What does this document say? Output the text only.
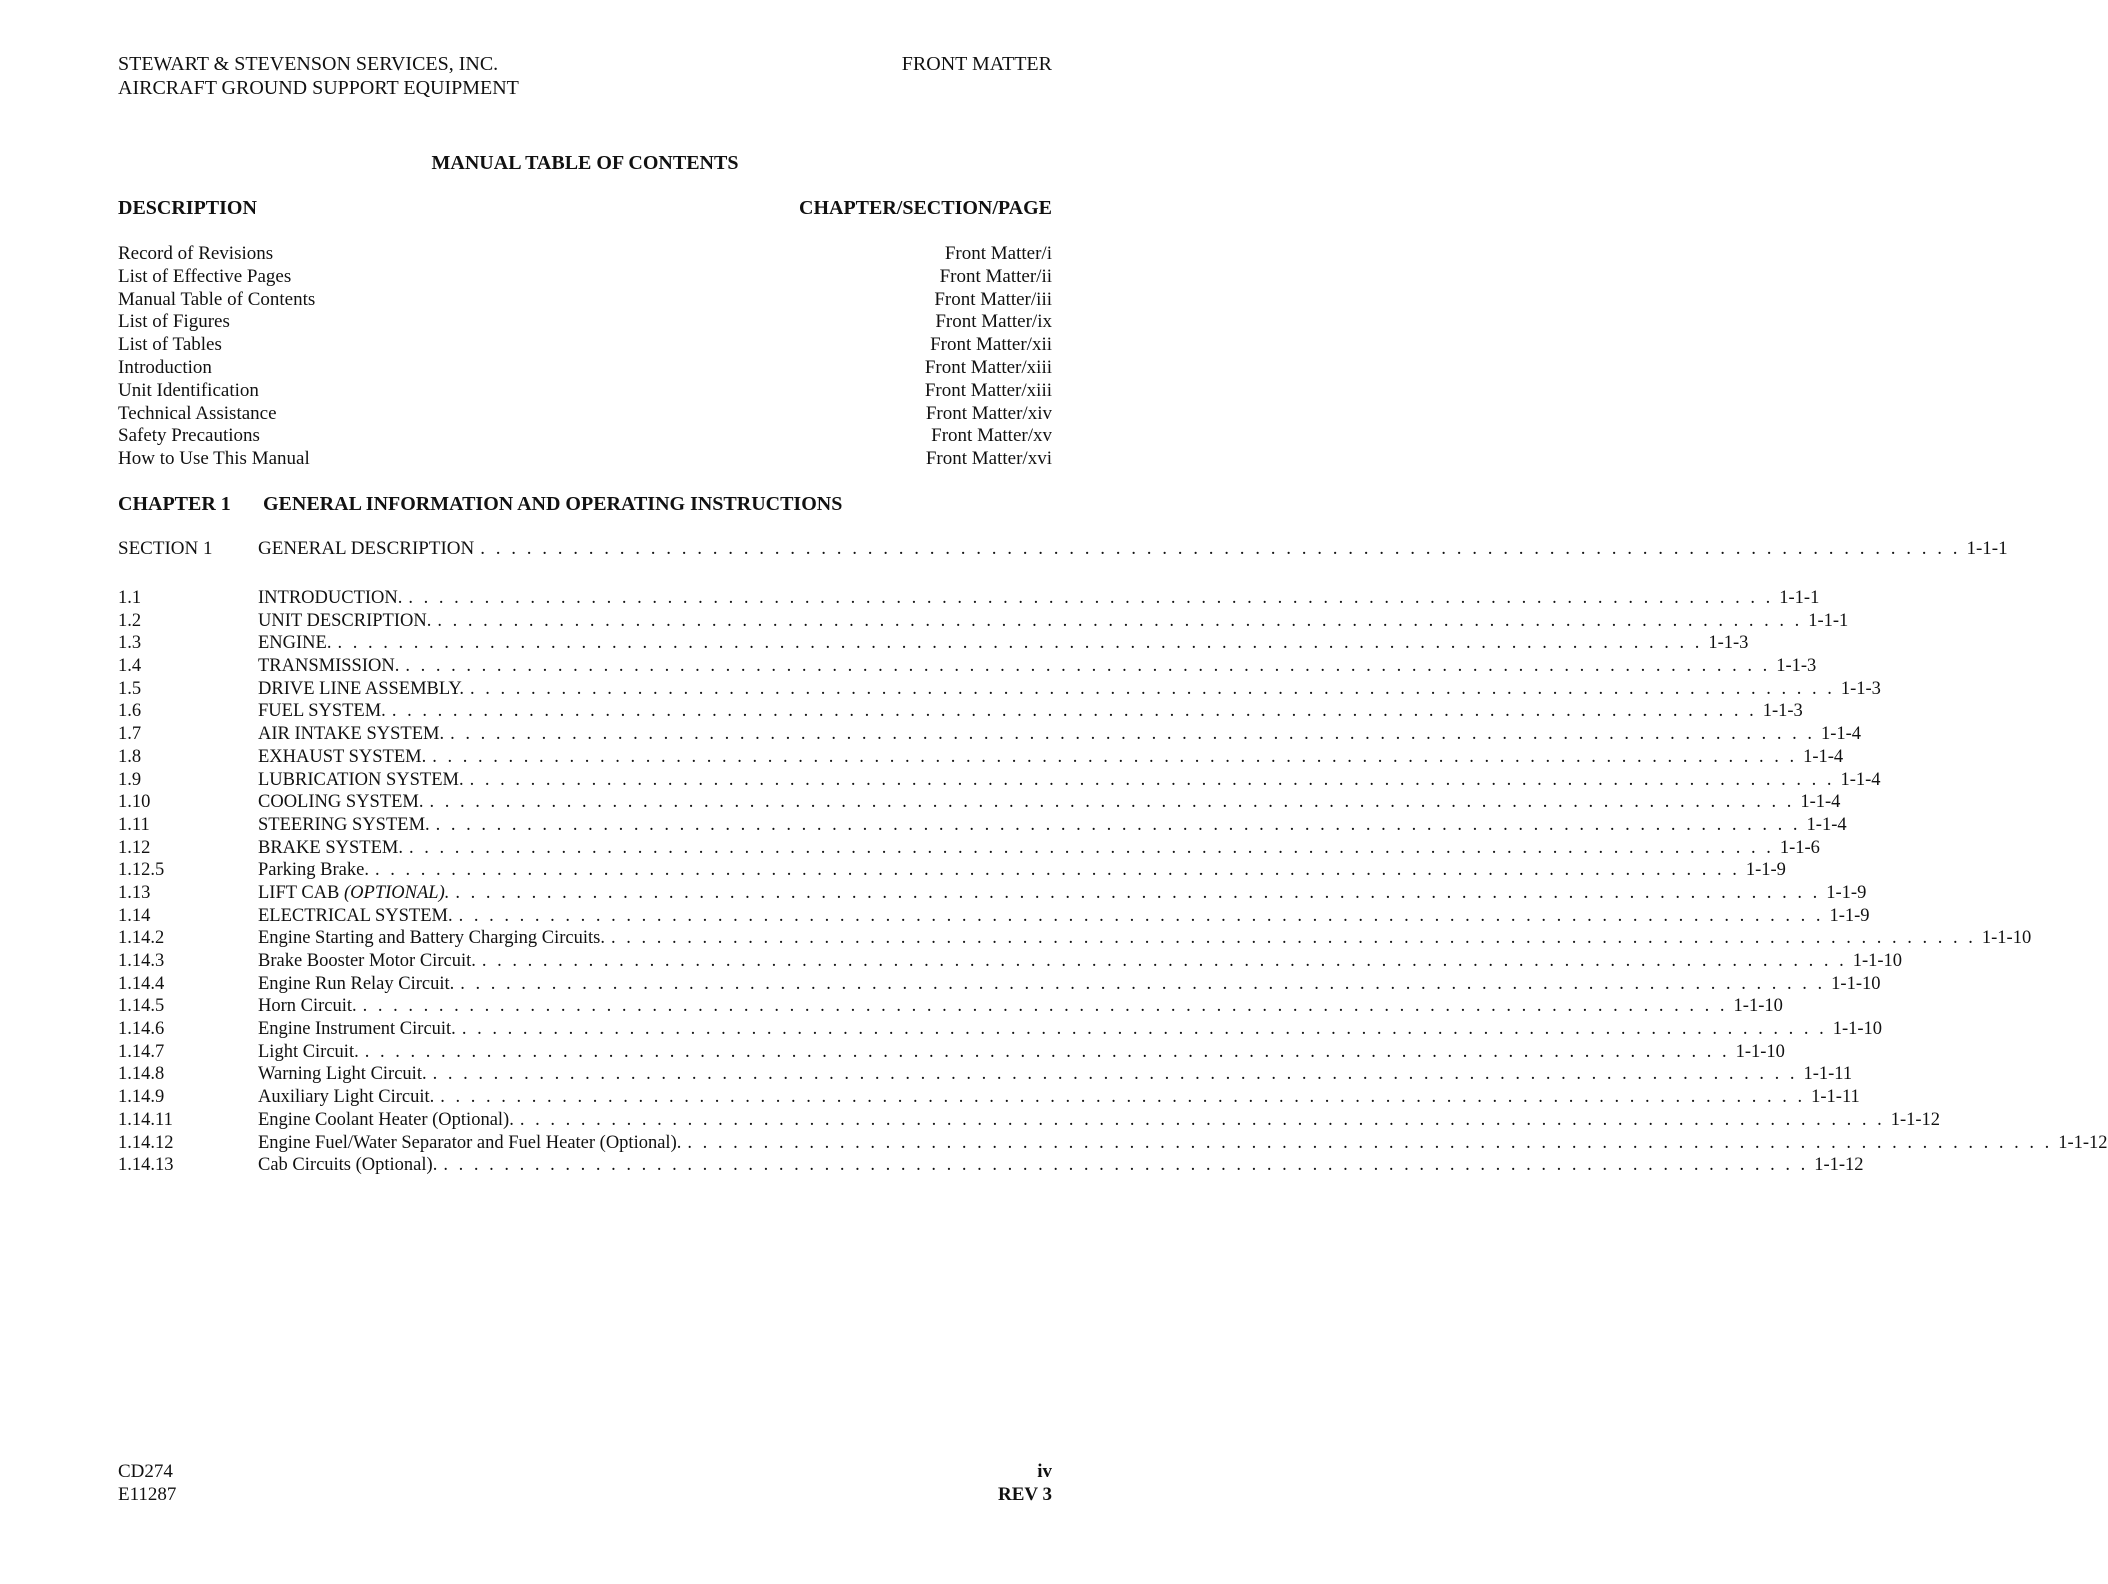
STEWART & STEVENSON SERVICES, INC.
AIRCRAFT GROUND SUPPORT EQUIPMENT
FRONT MATTER
MANUAL TABLE OF CONTENTS
DESCRIPTION	CHAPTER/SECTION/PAGE
Record of Revisions	Front Matter/i
List of Effective Pages	Front Matter/ii
Manual Table of Contents	Front Matter/iii
List of Figures	Front Matter/ix
List of Tables	Front Matter/xii
Introduction	Front Matter/xiii
Unit Identification	Front Matter/xiii
Technical Assistance	Front Matter/xiv
Safety Precautions	Front Matter/xv
How to Use This Manual	Front Matter/xvi
CHAPTER 1 GENERAL INFORMATION AND OPERATING INSTRUCTIONS
SECTION 1	GENERAL DESCRIPTION . . . . . . . . . . . . . . . . . . . . . . . . . . . . . . . . . . . . . . . . . . . . . . . . . . . . . . . . . . . . . . . . . . . . . . . . . . . . . . . . . . . . . . . . . . . . . . . . 1-1-1
1.1	INTRODUCTION. . . . . . . . . . . . . . . . . . . . . . . . . . . . . . . . . . . . . . . . . . . . . . . . . . . . . . . . . . . . . . . . . . . . . . . . . . . . . . . . . . . . . . . . . . . 1-1-1
1.2	UNIT DESCRIPTION. . . . . . . . . . . . . . . . . . . . . . . . . . . . . . . . . . . . . . . . . . . . . . . . . . . . . . . . . . . . . . . . . . . . . . . . . . . . . . . . . . . . . . . . . . . 1-1-1
1.3	ENGINE. . . . . . . . . . . . . . . . . . . . . . . . . . . . . . . . . . . . . . . . . . . . . . . . . . . . . . . . . . . . . . . . . . . . . . . . . . . . . . . . . . . . . . . . . . . 1-1-3
1.4	TRANSMISSION. . . . . . . . . . . . . . . . . . . . . . . . . . . . . . . . . . . . . . . . . . . . . . . . . . . . . . . . . . . . . . . . . . . . . . . . . . . . . . . . . . . . . . . . . . . 1-1-3
1.5	DRIVE LINE ASSEMBLY. . . . . . . . . . . . . . . . . . . . . . . . . . . . . . . . . . . . . . . . . . . . . . . . . . . . . . . . . . . . . . . . . . . . . . . . . . . . . . . . . . . . . . . . . . . 1-1-3
1.6	FUEL SYSTEM. . . . . . . . . . . . . . . . . . . . . . . . . . . . . . . . . . . . . . . . . . . . . . . . . . . . . . . . . . . . . . . . . . . . . . . . . . . . . . . . . . . . . . . . . . . 1-1-3
1.7	AIR INTAKE SYSTEM. . . . . . . . . . . . . . . . . . . . . . . . . . . . . . . . . . . . . . . . . . . . . . . . . . . . . . . . . . . . . . . . . . . . . . . . . . . . . . . . . . . . . . . . . . . 1-1-4
1.8	EXHAUST SYSTEM. . . . . . . . . . . . . . . . . . . . . . . . . . . . . . . . . . . . . . . . . . . . . . . . . . . . . . . . . . . . . . . . . . . . . . . . . . . . . . . . . . . . . . . . . . . 1-1-4
1.9	LUBRICATION SYSTEM. . . . . . . . . . . . . . . . . . . . . . . . . . . . . . . . . . . . . . . . . . . . . . . . . . . . . . . . . . . . . . . . . . . . . . . . . . . . . . . . . . . . . . . . . . . 1-1-4
1.10	COOLING SYSTEM. . . . . . . . . . . . . . . . . . . . . . . . . . . . . . . . . . . . . . . . . . . . . . . . . . . . . . . . . . . . . . . . . . . . . . . . . . . . . . . . . . . . . . . . . . . 1-1-4
1.11	STEERING SYSTEM. . . . . . . . . . . . . . . . . . . . . . . . . . . . . . . . . . . . . . . . . . . . . . . . . . . . . . . . . . . . . . . . . . . . . . . . . . . . . . . . . . . . . . . . . . . 1-1-4
1.12	BRAKE SYSTEM. . . . . . . . . . . . . . . . . . . . . . . . . . . . . . . . . . . . . . . . . . . . . . . . . . . . . . . . . . . . . . . . . . . . . . . . . . . . . . . . . . . . . . . . . . . 1-1-6
1.12.5	Parking Brake. . . . . . . . . . . . . . . . . . . . . . . . . . . . . . . . . . . . . . . . . . . . . . . . . . . . . . . . . . . . . . . . . . . . . . . . . . . . . . . . . . . . . . . . . . . 1-1-9
1.13	LIFT CAB (OPTIONAL). . . . . . . . . . . . . . . . . . . . . . . . . . . . . . . . . . . . . . . . . . . . . . . . . . . . . . . . . . . . . . . . . . . . . . . . . . . . . . . . . . . . . . . . . . . 1-1-9
1.14	ELECTRICAL SYSTEM. . . . . . . . . . . . . . . . . . . . . . . . . . . . . . . . . . . . . . . . . . . . . . . . . . . . . . . . . . . . . . . . . . . . . . . . . . . . . . . . . . . . . . . . . . . 1-1-9
1.14.2	Engine Starting and Battery Charging Circuits. . . . . . . . . . . . . . . . . . . . . . . . . . . . . . . . . . . . . . . . . . . . . . . . . . . . . . . . . . . . . . . . . . . . . . . . . . . . . . . . . . . . . . . . . . . 1-1-10
1.14.3	Brake Booster Motor Circuit. . . . . . . . . . . . . . . . . . . . . . . . . . . . . . . . . . . . . . . . . . . . . . . . . . . . . . . . . . . . . . . . . . . . . . . . . . . . . . . . . . . . . . . . . . . 1-1-10
1.14.4	Engine Run Relay Circuit. . . . . . . . . . . . . . . . . . . . . . . . . . . . . . . . . . . . . . . . . . . . . . . . . . . . . . . . . . . . . . . . . . . . . . . . . . . . . . . . . . . . . . . . . . . 1-1-10
1.14.5	Horn Circuit. . . . . . . . . . . . . . . . . . . . . . . . . . . . . . . . . . . . . . . . . . . . . . . . . . . . . . . . . . . . . . . . . . . . . . . . . . . . . . . . . . . . . . . . . . . 1-1-10
1.14.6	Engine Instrument Circuit. . . . . . . . . . . . . . . . . . . . . . . . . . . . . . . . . . . . . . . . . . . . . . . . . . . . . . . . . . . . . . . . . . . . . . . . . . . . . . . . . . . . . . . . . . . 1-1-10
1.14.7	Light Circuit. . . . . . . . . . . . . . . . . . . . . . . . . . . . . . . . . . . . . . . . . . . . . . . . . . . . . . . . . . . . . . . . . . . . . . . . . . . . . . . . . . . . . . . . . . . 1-1-10
1.14.8	Warning Light Circuit. . . . . . . . . . . . . . . . . . . . . . . . . . . . . . . . . . . . . . . . . . . . . . . . . . . . . . . . . . . . . . . . . . . . . . . . . . . . . . . . . . . . . . . . . . . 1-1-11
1.14.9	Auxiliary Light Circuit. . . . . . . . . . . . . . . . . . . . . . . . . . . . . . . . . . . . . . . . . . . . . . . . . . . . . . . . . . . . . . . . . . . . . . . . . . . . . . . . . . . . . . . . . . . 1-1-11
1.14.11	Engine Coolant Heater (Optional). . . . . . . . . . . . . . . . . . . . . . . . . . . . . . . . . . . . . . . . . . . . . . . . . . . . . . . . . . . . . . . . . . . . . . . . . . . . . . . . . . . . . . . . . . . 1-1-12
1.14.12	Engine Fuel/Water Separator and Fuel Heater (Optional). . . . . . . . . . . . . . . . . . . . . . . . . . . . . . . . . . . . . . . . . . . . . . . . . . . . . . . . . . . . . . . . . . . . . . . . . . . . . . . . . . . . . . . . . . . 1-1-12
1.14.13	Cab Circuits (Optional). . . . . . . . . . . . . . . . . . . . . . . . . . . . . . . . . . . . . . . . . . . . . . . . . . . . . . . . . . . . . . . . . . . . . . . . . . . . . . . . . . . . . . . . . . . 1-1-12
CD274
E11287
iv
REV 3
